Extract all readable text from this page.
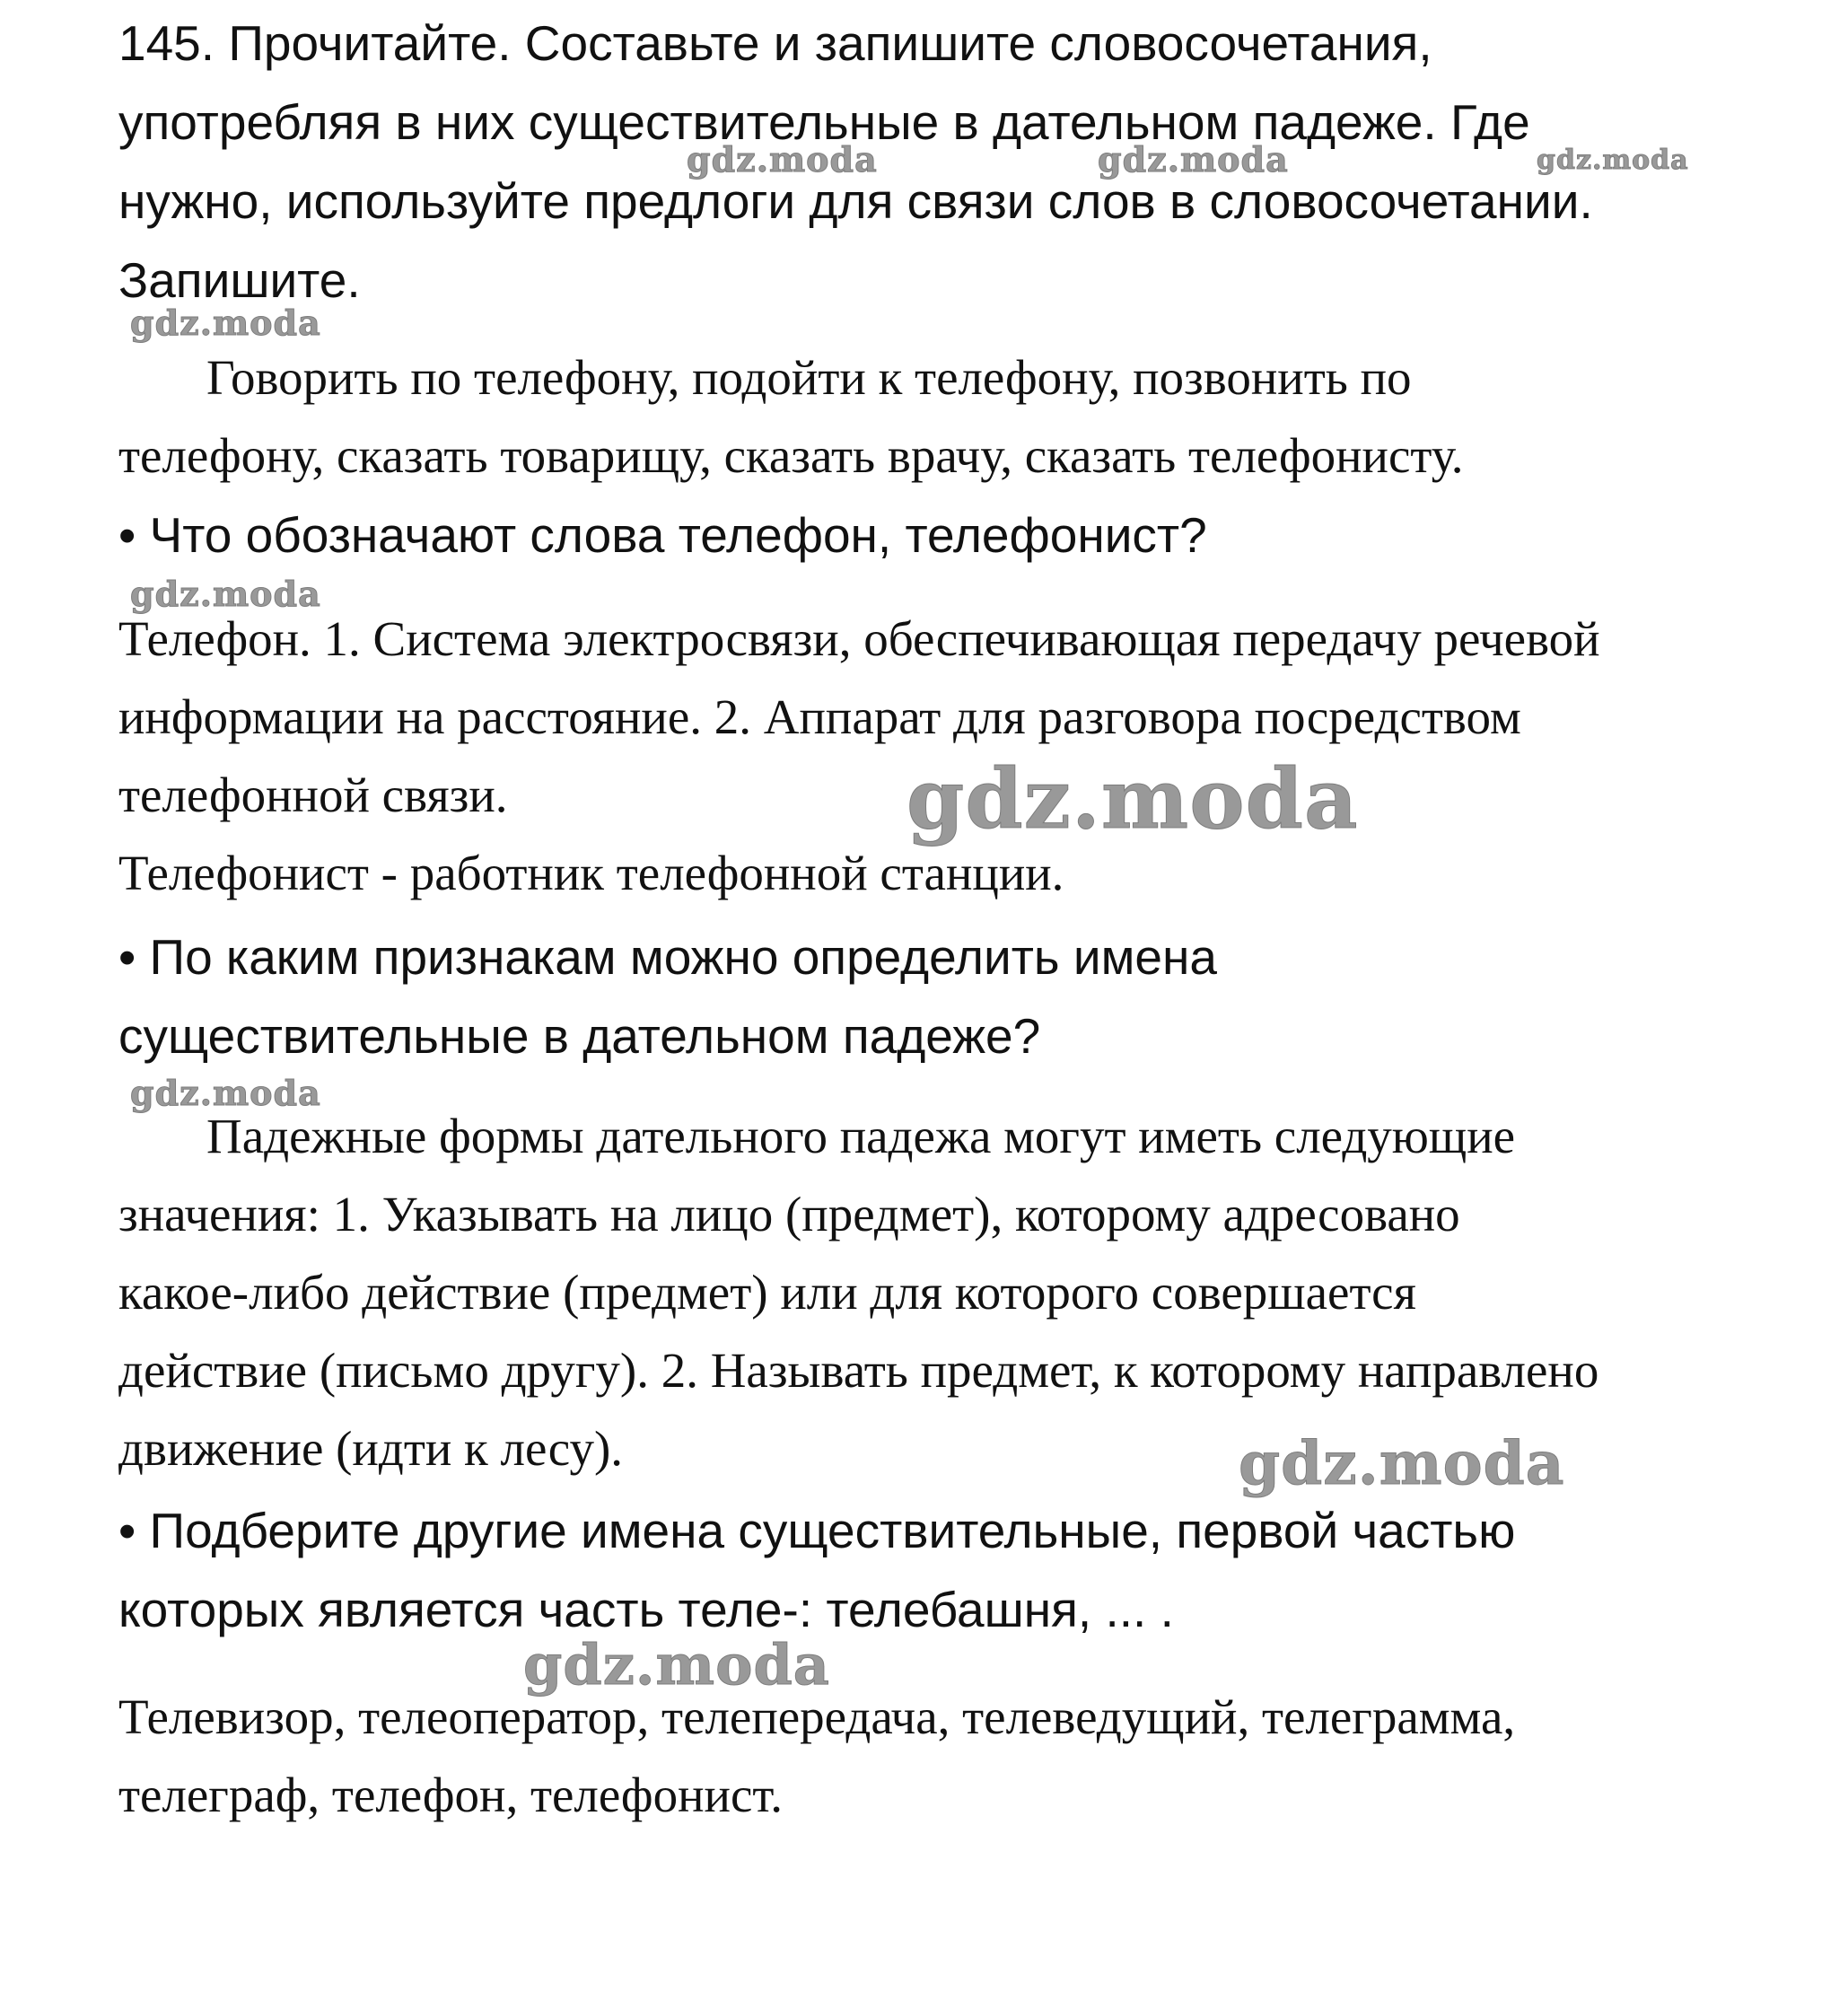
145. Прочитайте. Составьте и запишите словосочетания,
употребляя в них существительные в дательном падеже. Где
нужно, используйте предлоги для связи слов в словосочетании.
Запишите.
Говорить по телефону, подойти к телефону, позвонить по
телефону, сказать товарищу, сказать врачу, сказать телефонисту.
• Что обозначают слова телефон, телефонист?
Телефон. 1. Система электросвязи, обеспечивающая передачу речевой
информации на расстояние. 2. Аппарат для разговора посредством
телефонной связи.
Телефонист - работник телефонной станции.
• По каким признакам можно определить имена
существительные в дательном падеже?
Падежные формы дательного падежа могут иметь следующие
значения: 1. Указывать на лицо (предмет), которому адресовано
какое-либо действие (предмет) или для которого совершается
действие (письмо другу). 2. Называть предмет, к которому направлено
движение (идти к лесу).
• Подберите другие имена существительные, первой частью
которых является часть теле-: телебашня, ... .
Телевизор, телеоператор, телепередача, телеведущий, телеграмма,
телеграф, телефон, телефонист.
gdz.moda	gdz.moda	gdz.moda
gdz.moda
gdz.moda
gdz.moda
gdz.moda
gdz.moda
gdz.moda
